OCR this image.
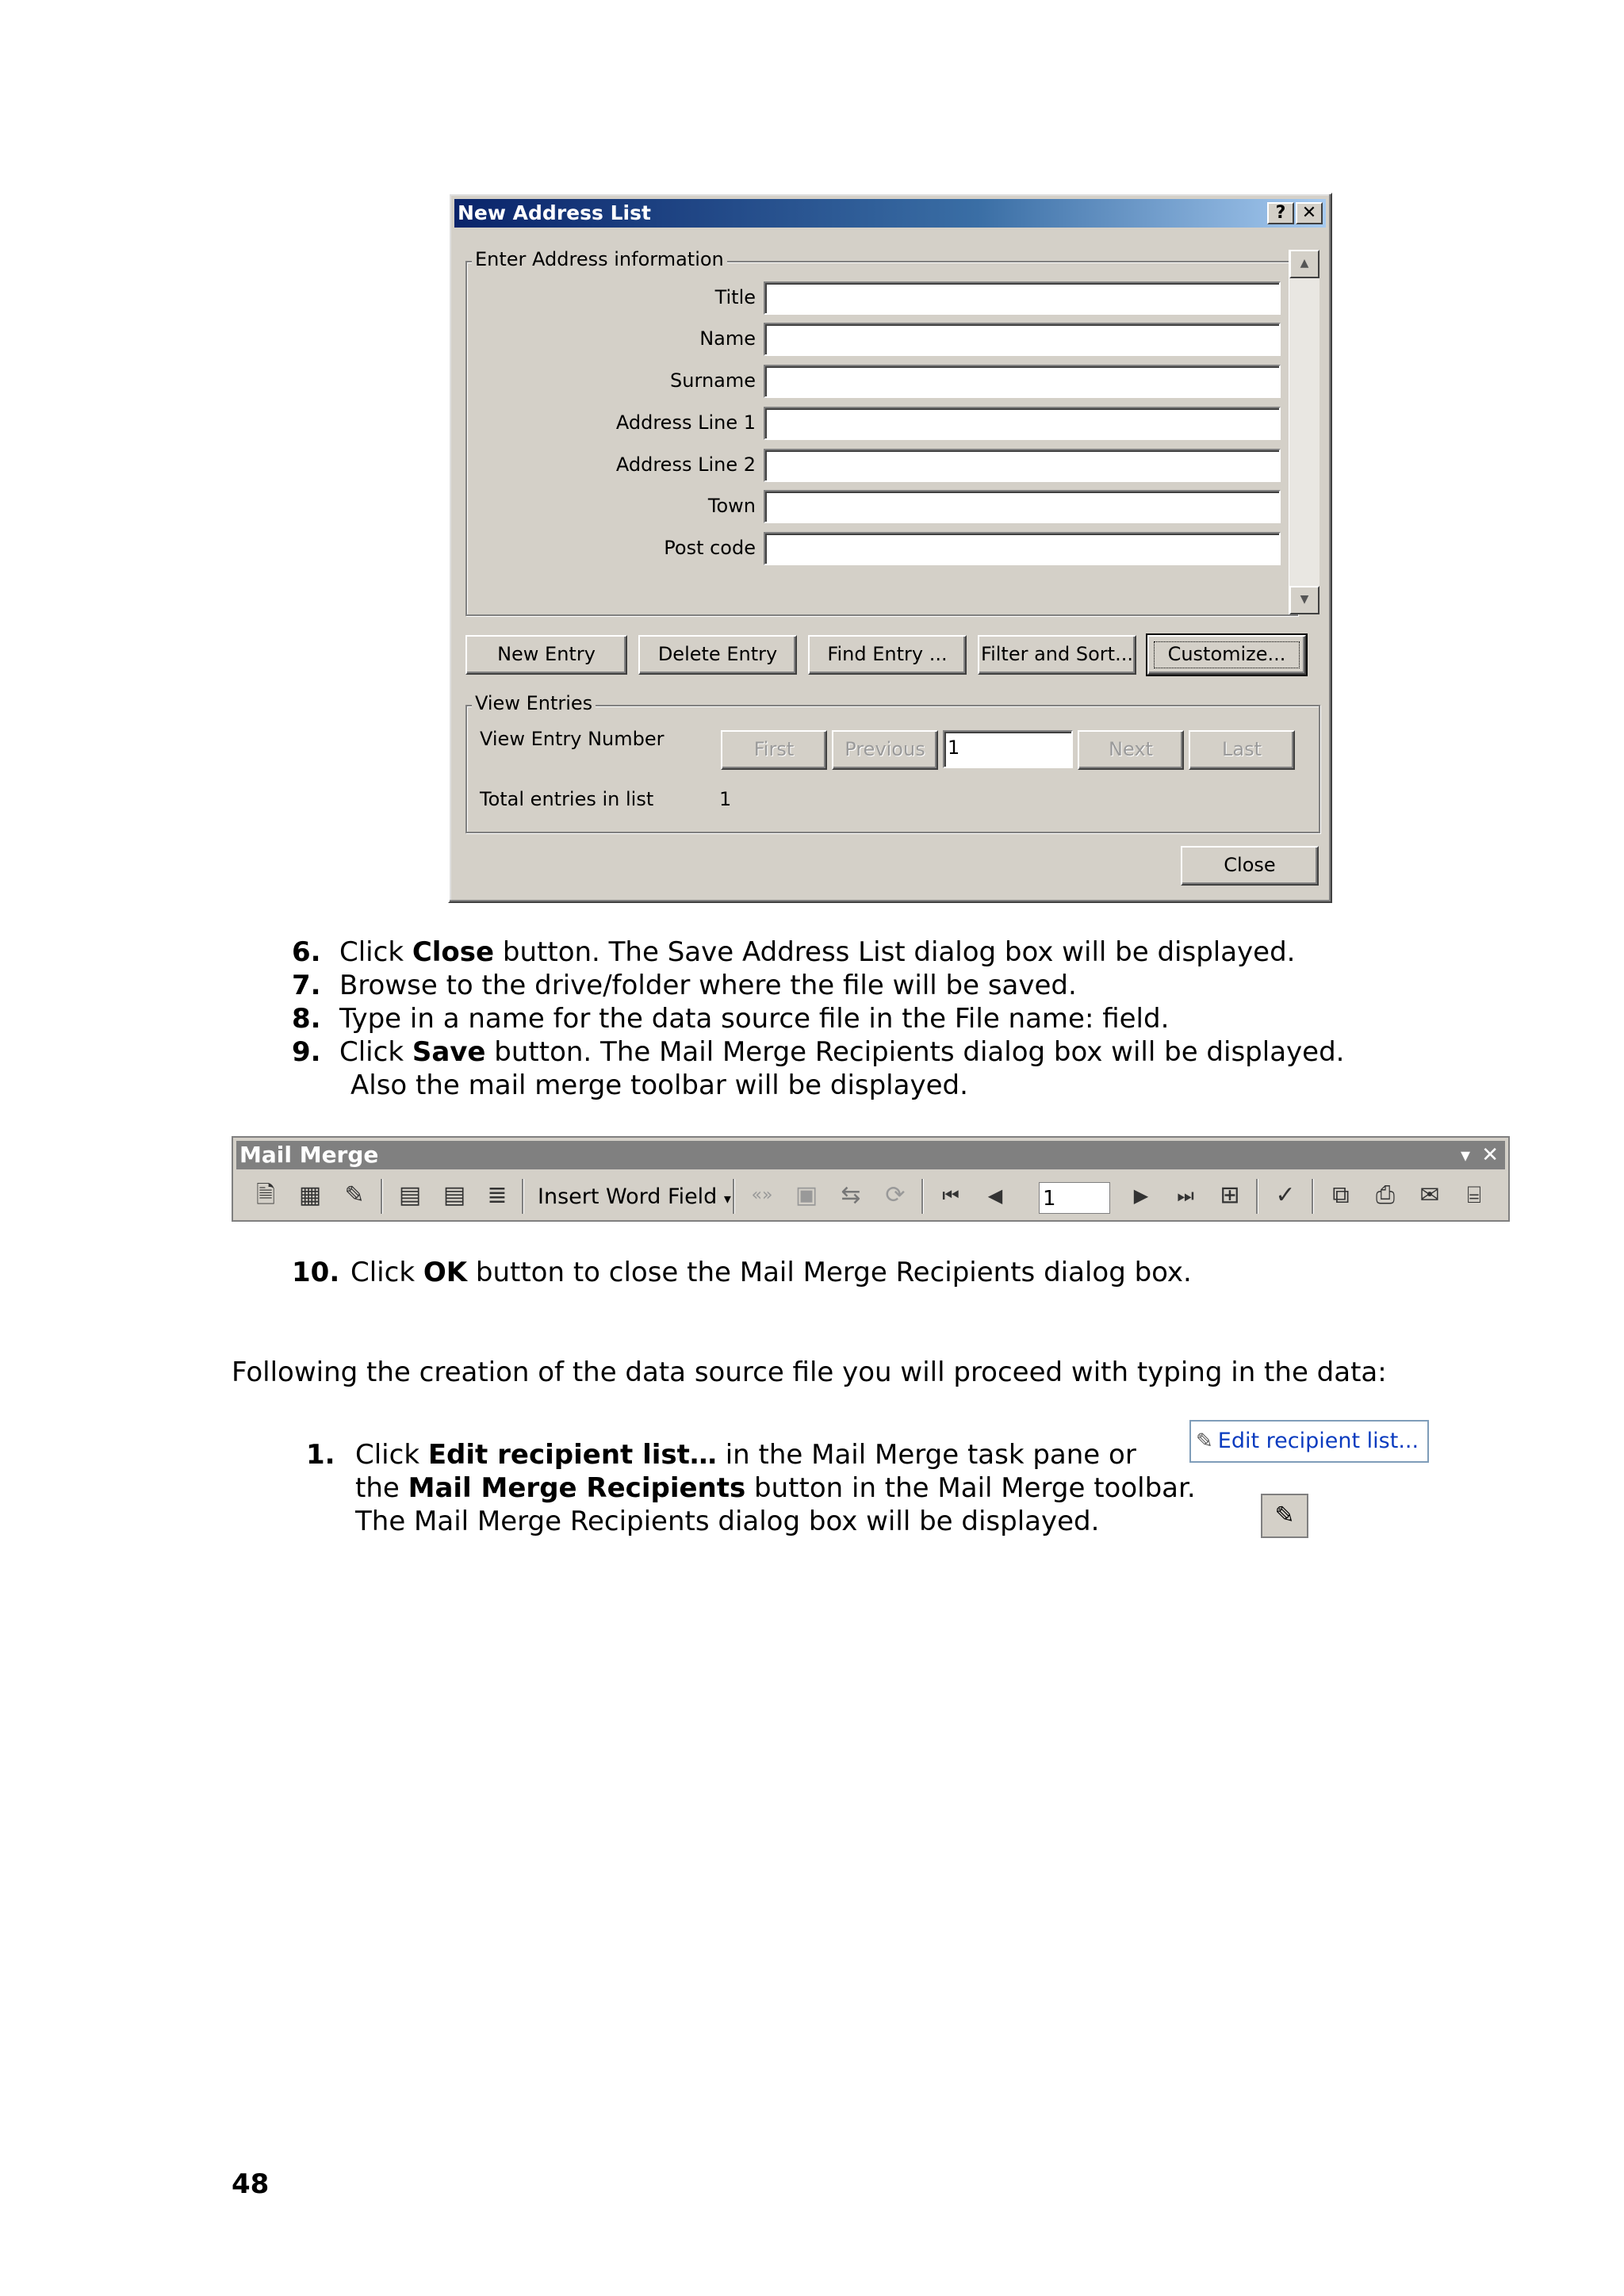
New Address List	? ✕
Enter Address information
Title
Name
Surname
Address Line 1
Address Line 2
Town
Post code
▲
▼
New Entry	Delete Entry	Find Entry ...	Filter and Sort...	Customize...
View Entries
View Entry Number	First	Previous	1	Next	Last
Total entries in list	1
Close
6. Click Close button. The Save Address List dialog box will be displayed.
7. Browse to the drive/folder where the file will be saved.
8. Type in a name for the data source file in the File name: field.
9. Click Save button. The Mail Merge Recipients dialog box will be displayed.
Also the mail merge toolbar will be displayed.
Mail Merge	▾ ✕
🗎 ▦ ✎	▤ ▤ ≣	Insert Word Field ▾	«» ▣ ⇆	⟳	⏮	◀	1	▶	⏭	⊞	✓	⧉	⎙	✉	⌸
10. Click OK button to close the Mail Merge Recipients dialog box.
Following the creation of the data source file you will proceed with typing in the data:
1. Click Edit recipient list… in the Mail Merge task pane or
the Mail Merge Recipients button in the Mail Merge toolbar.
The Mail Merge Recipients dialog box will be displayed.
✎ Edit recipient list...
✎
48
